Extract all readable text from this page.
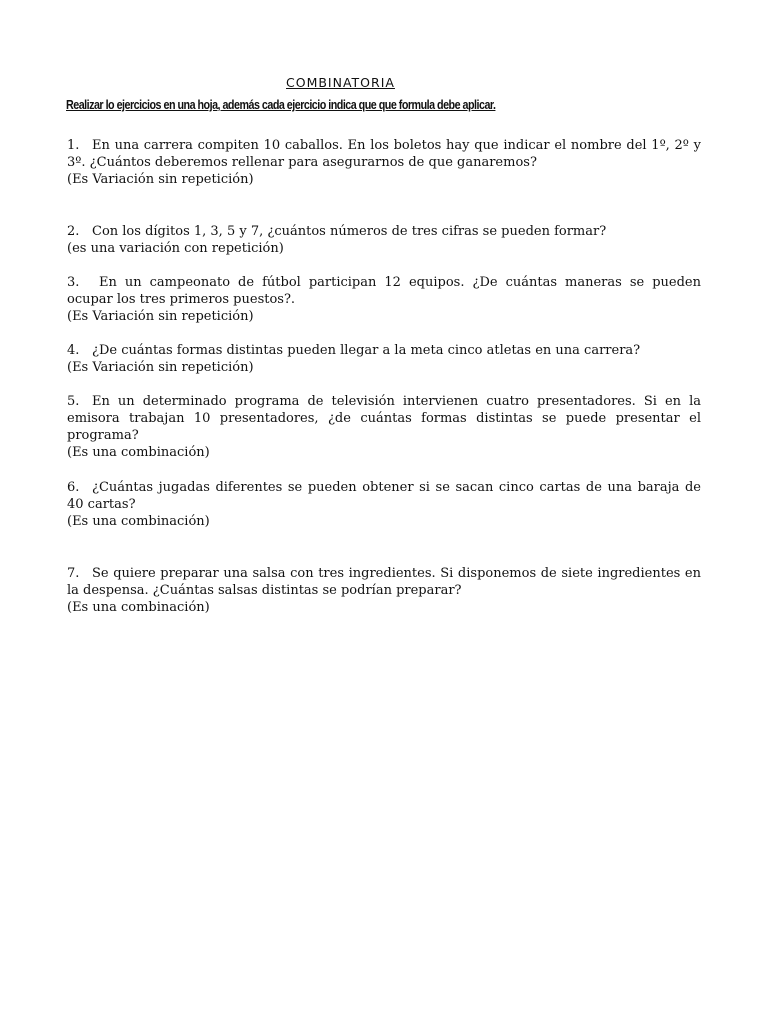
COMBINATORIA
Realizar lo ejercicios en una hoja, además cada ejercicio indica que que formula debe aplicar.
1. En una carrera compiten 10 caballos. En los boletos hay que indicar el nombre del 1º, 2º y 3º. ¿Cuántos deberemos rellenar para asegurarnos de que ganaremos?
(Es Variación sin repetición)
2. Con los dígitos 1, 3, 5 y 7, ¿cuántos números de tres cifras se pueden formar?
(es una variación con repetición)
3. En un campeonato de fútbol participan 12 equipos. ¿De cuántas maneras se pueden ocupar los tres primeros puestos?.
(Es Variación sin repetición)
4. ¿De cuántas formas distintas pueden llegar a la meta cinco atletas en una carrera?
(Es Variación sin repetición)
5. En un determinado programa de televisión intervienen cuatro presentadores. Si en la emisora trabajan 10 presentadores, ¿de cuántas formas distintas se puede presentar el programa?
(Es una combinación)
6. ¿Cuántas jugadas diferentes se pueden obtener si se sacan cinco cartas de una baraja de 40 cartas?
(Es una combinación)
7. Se quiere preparar una salsa con tres ingredientes. Si disponemos de siete ingredientes en la despensa. ¿Cuántas salsas distintas se podrían preparar?
(Es una combinación)
